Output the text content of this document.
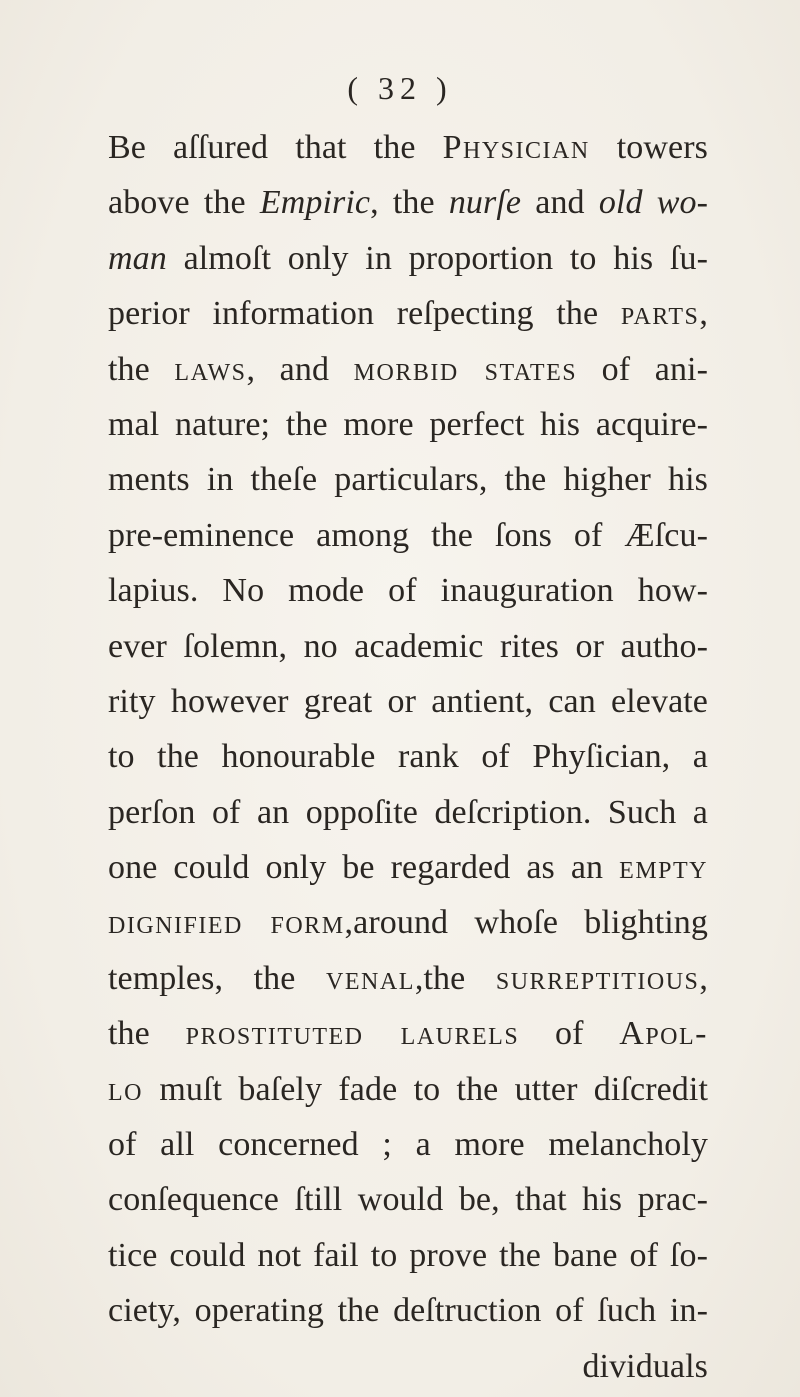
( 32 )
Be aſſured that the Physician towers
above the Empiric, the nurſe and old wo-
man almoſt only in proportion to his ſu-
perior information reſpecting the parts,
the laws, and morbid states of ani-
mal nature; the more perfect his acquire-
ments in theſe particulars, the higher his
pre-eminence among the ſons of Æſcu-
lapius. No mode of inauguration how-
ever ſolemn, no academic rites or autho-
rity however great or antient, can elevate
to the honourable rank of Phyſician, a
perſon of an oppoſite deſcription. Such a
one could only be regarded as an empty
dignified form,around whoſe blighting
temples, the venal,the surreptitious,
the prostituted laurels of Apol-
lo muſt baſely fade to the utter diſcredit
of all concerned ; a more melancholy
conſequence ſtill would be, that his prac-
tice could not fail to prove the bane of ſo-
ciety, operating the deſtruction of ſuch in-
dividuals
